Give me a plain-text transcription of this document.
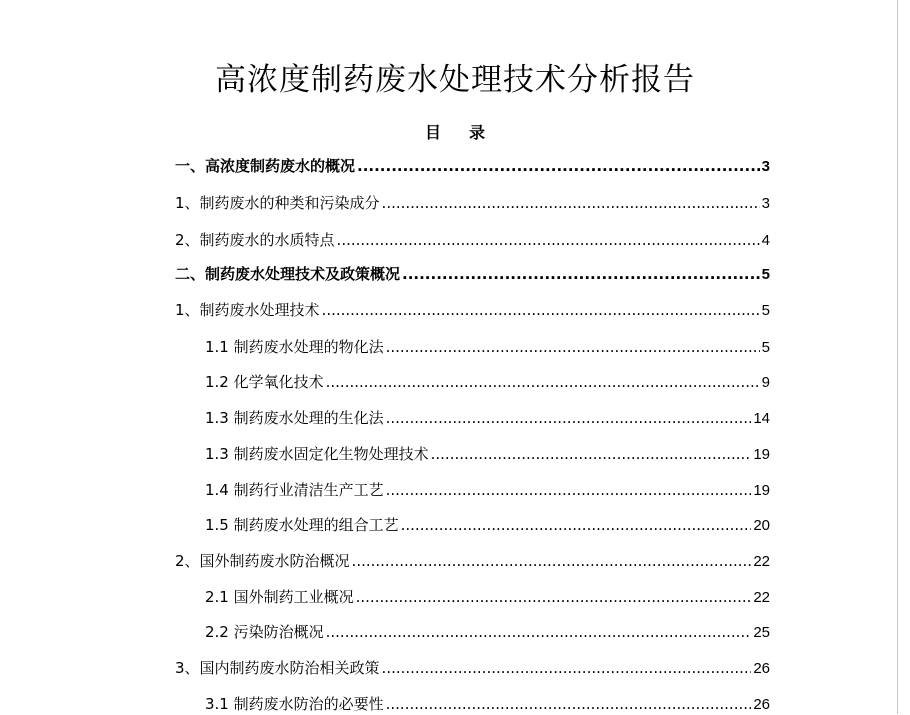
高浓度制药废水处理技术分析报告
目 录
一、高浓度制药废水的概况 .....	3
1、制药废水的种类和污染成分 .....	3
2、制药废水的水质特点 .....	4
二、制药废水处理技术及政策概况 .....	5
1、制药废水处理技术 .....	5
1.1 制药废水处理的物化法 .....	5
1.2 化学氧化技术 .....	9
1.3 制药废水处理的生化法 .....	14
1.3 制药废水固定化生物处理技术 .....	19
1.4 制药行业清洁生产工艺 .....	19
1.5 制药废水处理的组合工艺 .....	20
2、国外制药废水防治概况 .....	22
2.1 国外制药工业概况 .....	22
2.2 污染防治概况 .....	25
3、国内制药废水防治相关政策 .....	26
3.1 制药废水防治的必要性 .....	26
